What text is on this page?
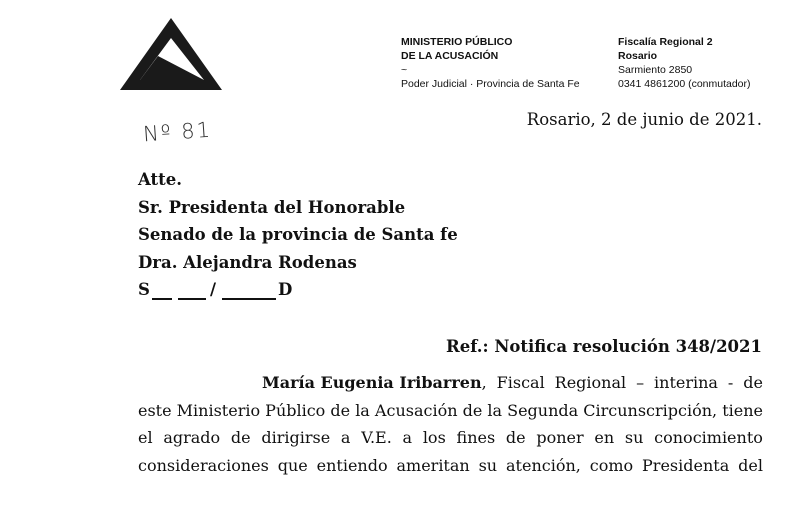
MINISTERIO PÚBLICO
DE LA ACUSACIÓN
~
Poder Judicial · Provincia de Santa Fe
Fiscalía Regional 2
Rosario
Sarmiento 2850
0341 4861200 (conmutador)
Nº 81	Rosario, 2 de junio de 2021.
Atte.
Sr. Presidenta del Honorable
Senado de la provincia de Santa fe
Dra. Alejandra Rodenas
S	/	D
Ref.: Notifica resolución 348/2021
María Eugenia Iribarren, Fiscal Regional – interina - de
este Ministerio Público de la Acusación de la Segunda Circunscripción, tiene
el agrado de dirigirse a V.E. a los fines de poner en su conocimiento
consideraciones que entiendo ameritan su atención, como Presidenta del
